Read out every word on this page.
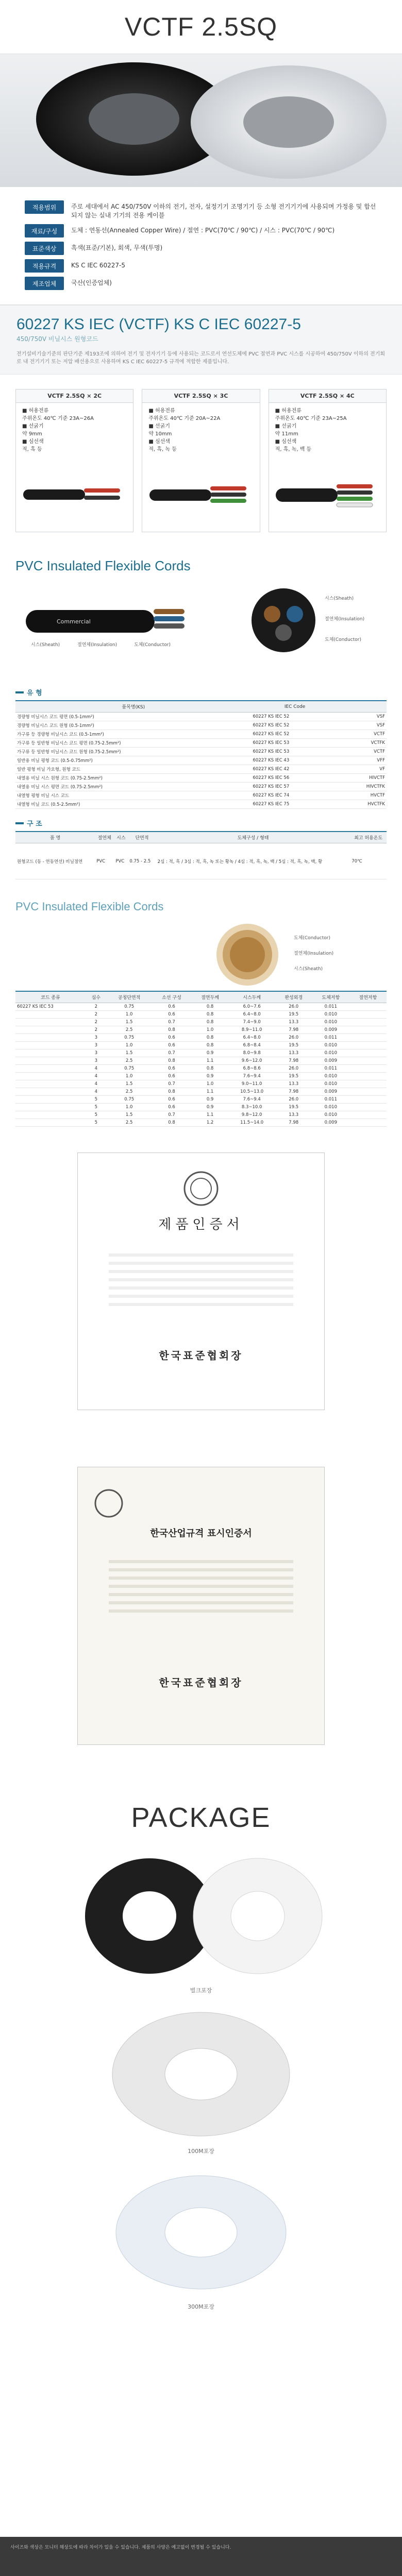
VCTF 2.5SQ
적용범위	주로 세대에서 AC 450/750V 이하의 전기, 전자, 설정기기 조명기기 등 소형 전기기기에 사용되며 가정용 및 합선되지 않는 실내 기기의 전용 케이블
재료/구성	도체 : 연동선(Annealed Copper Wire) / 절연 : PVC(70℃ / 90℃) / 시스 : PVC(70℃ / 90℃)
표준색상	흑색(표준/기본), 회색, 무색(투명)
적용규격	KS C IEC 60227-5
제조업체	국산(인증업체)
60227 KS IEC (VCTF) KS C IEC 60227-5
450/750V 비닐시스 원형코드
전기설비기술기준의 판단기준 제193조에 의하여 전기 및 전자기기 등에 사용되는 코드로서 연선도체에 PVC 절연과 PVC 시스를 시공하여 450/750V 이하의 전기회로 내 전기기기 또는 저압 배선용으로 사용하며 KS C IEC 60227-5 규격에 적합한 제품입니다.
VCTF 2.5SQ × 2C
■ 허용전류
주위온도 40℃ 기준 23A~26A
■ 선굵기
약 9mm
■ 심선색
적, 흑 등
VCTF 2.5SQ × 3C
■ 허용전류
주위온도 40℃ 기준 20A~22A
■ 선굵기
약 10mm
■ 심선색
적, 흑, 녹 등
VCTF 2.5SQ × 4C
■ 허용전류
주위온도 40℃ 기준 23A~25A
■ 선굵기
약 11mm
■ 심선색
적, 흑, 녹, 백 등
PVC Insulated Flexible Cords
Commercial
시스(Sheath)	절연체(Insulation)	도체(Conductor)
시스(Sheath)
절연체(Insulation)
도체(Conductor)
유 형
품목명(KS)	IEC Code	
경량형 비닐시스 코드 평면 (0.5-1mm²)	60227 KS IEC 52	VSF
경량형 비닐시스 코드 원형 (0.5-1mm²)	60227 KS IEC 52	VSF
가구류 등 경량형 비닐시스 코드 (0.5-1mm²)	60227 KS IEC 52	VCTF
가구류 등 일반형 비닐시스 코드 평면 (0.75-2.5mm²)	60227 KS IEC 53	VCTFK
가구류 등 일반형 비닐시스 코드 원형 (0.75-2.5mm²)	60227 KS IEC 53	VCTF
일반용 비닐 평형 코드 (0.5-0.75mm²)	60227 KS IEC 43	VFF
일반 평형 비닐 가요형, 원형 코드	60227 KS IEC 42	VF
내열용 비닐 시스 원형 코드 (0.75-2.5mm²)	60227 KS IEC 56	HIVCTF
내열용 비닐 시스 평면 코드 (0.75-2.5mm²)	60227 KS IEC 57	HIVCTFK
내열형 평형 비닐 시스 코드	60227 KS IEC 74	HVCTF
내열형 비닐 코드 (0.5-2.5mm²)	60227 KS IEC 75	HVCTFK
구 조
품 명	절연체	시스	단면적	도체구성 / 형태	최고 허용온도
원형코드 (동 - 연동연선) 비닐절연	PVC	PVC	0.75 - 2.5	2심 : 적, 흑 / 3심 : 적, 흑, 녹 또는 황녹 / 4심 : 적, 흑, 녹, 백 / 5심 : 적, 흑, 녹, 백, 황	70℃
PVC Insulated Flexible Cords
도체(Conductor)
절연체(Insulation)
시스(Sheath)
코드 종류	심수	공칭단면적	소선 구성	절연두께	시스두께	완성외경	도체저항	절연저항
60227 KS IEC 53	2	0.75	0.6	0.8	6.0~7.6	26.0	0.011	
	2	1.0	0.6	0.8	6.4~8.0	19.5	0.010	
	2	1.5	0.7	0.8	7.4~9.0	13.3	0.010	
	2	2.5	0.8	1.0	8.9~11.0	7.98	0.009	
	3	0.75	0.6	0.8	6.4~8.0	26.0	0.011	
	3	1.0	0.6	0.8	6.8~8.4	19.5	0.010	
	3	1.5	0.7	0.9	8.0~9.8	13.3	0.010	
	3	2.5	0.8	1.1	9.6~12.0	7.98	0.009	
	4	0.75	0.6	0.8	6.8~8.6	26.0	0.011	
	4	1.0	0.6	0.9	7.6~9.4	19.5	0.010	
	4	1.5	0.7	1.0	9.0~11.0	13.3	0.010	
	4	2.5	0.8	1.1	10.5~13.0	7.98	0.009	
	5	0.75	0.6	0.9	7.6~9.4	26.0	0.011	
	5	1.0	0.6	0.9	8.3~10.0	19.5	0.010	
	5	1.5	0.7	1.1	9.8~12.0	13.3	0.010	
	5	2.5	0.8	1.2	11.5~14.0	7.98	0.009	
제품인증서
한국표준협회장
한국산업규격 표시인증서
한국표준협회장
PACKAGE
벌크포장
100M포장
300M포장
사이즈와 색상은 모니터 해상도에 따라 차이가 있을 수 있습니다. 제품의 사양은 예고없이 변경될 수 있습니다.
